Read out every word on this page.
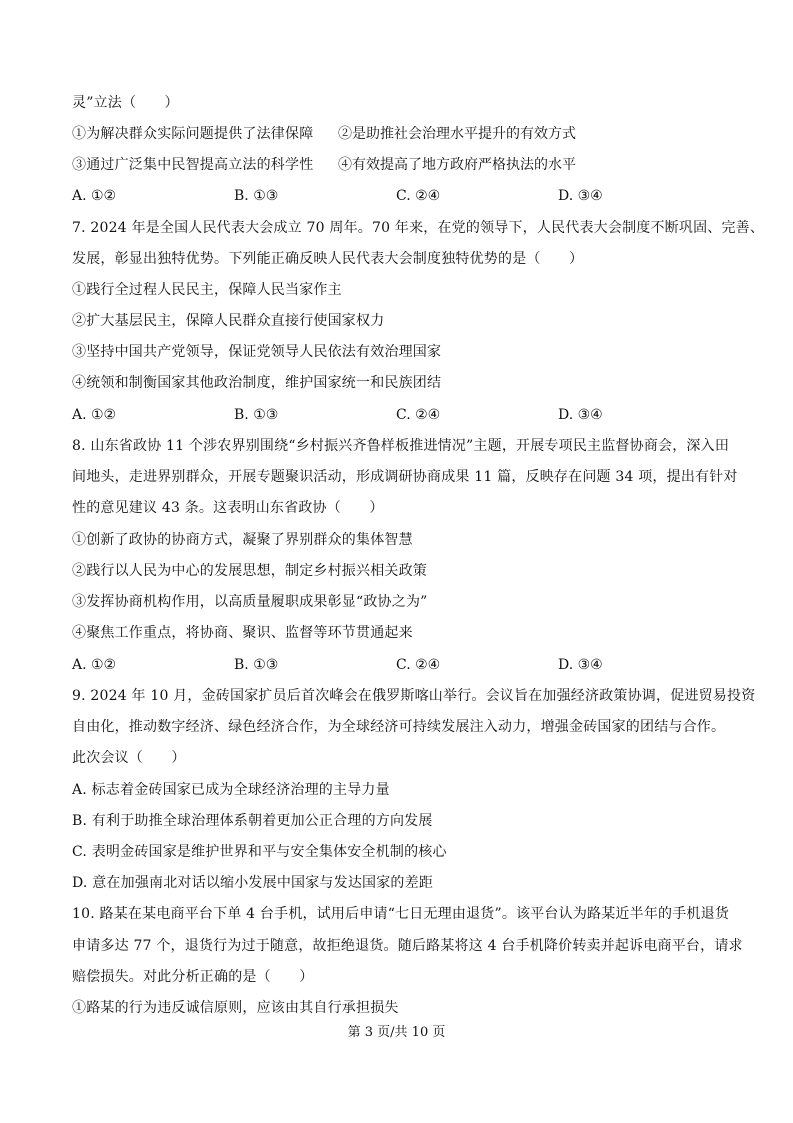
灵”立法（　　）
①为解决群众实际问题提供了法律保障 ②是助推社会治理水平提升的有效方式
③通过广泛集中民智提高立法的科学性 ④有效提高了地方政府严格执法的水平
A. ①②	B. ①③	C. ②④	D. ③④
7. 2024 年是全国人民代表大会成立 70 周年。70 年来，在党的领导下，人民代表大会制度不断巩固、完善、
发展，彰显出独特优势。下列能正确反映人民代表大会制度独特优势的是（　　）
①践行全过程人民民主，保障人民当家作主
②扩大基层民主，保障人民群众直接行使国家权力
③坚持中国共产党领导，保证党领导人民依法有效治理国家
④统领和制衡国家其他政治制度，维护国家统一和民族团结
A. ①②	B. ①③	C. ②④	D. ③④
8. 山东省政协 11 个涉农界别围绕“乡村振兴齐鲁样板推进情况”主题，开展专项民主监督协商会，深入田
间地头，走进界别群众，开展专题聚识活动，形成调研协商成果 11 篇，反映存在问题 34 项，提出有针对
性的意见建议 43 条。这表明山东省政协（　　）
①创新了政协的协商方式，凝聚了界别群众的集体智慧
②践行以人民为中心的发展思想，制定乡村振兴相关政策
③发挥协商机构作用，以高质量履职成果彰显“政协之为”
④聚焦工作重点，将协商、聚识、监督等环节贯通起来
A. ①②	B. ①③	C. ②④	D. ③④
9. 2024 年 10 月，金砖国家扩员后首次峰会在俄罗斯喀山举行。会议旨在加强经济政策协调，促进贸易投资
自由化，推动数字经济、绿色经济合作，为全球经济可持续发展注入动力，增强金砖国家的团结与合作。
此次会议（　　）
A. 标志着金砖国家已成为全球经济治理的主导力量
B. 有利于助推全球治理体系朝着更加公正合理的方向发展
C. 表明金砖国家是维护世界和平与安全集体安全机制的核心
D. 意在加强南北对话以缩小发展中国家与发达国家的差距
10. 路某在某电商平台下单 4 台手机，试用后申请“七日无理由退货”。该平台认为路某近半年的手机退货
申请多达 77 个，退货行为过于随意，故拒绝退货。随后路某将这 4 台手机降价转卖并起诉电商平台，请求
赔偿损失。对此分析正确的是（　　）
①路某的行为违反诚信原则，应该由其自行承担损失
第 3 页/共 10 页
